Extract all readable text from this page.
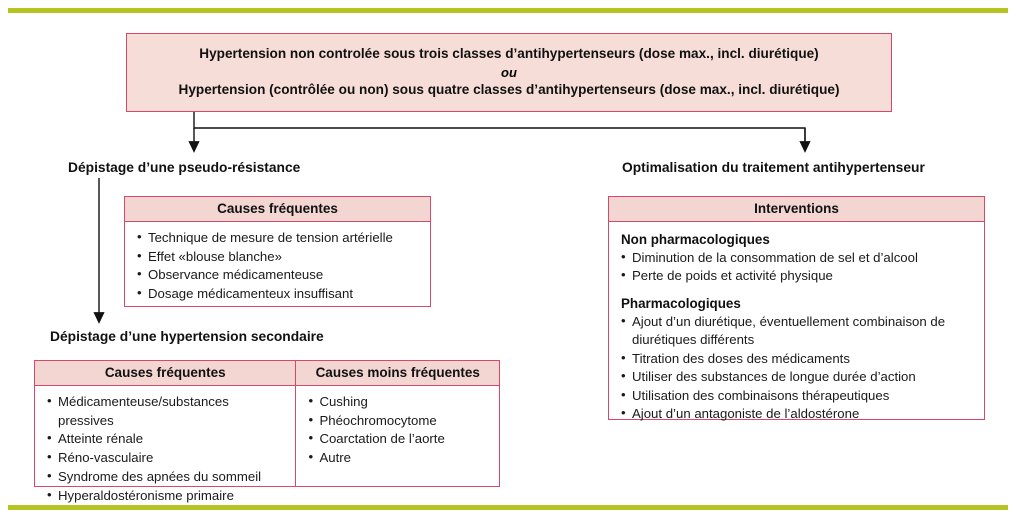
Hypertension non controlée sous trois classes d’antihypertenseurs (dose max., incl. diurétique)
ou
Hypertension (contrôlée ou non) sous quatre classes d’antihypertenseurs (dose max., incl. diurétique)
Dépistage d’une pseudo-résistance	Optimalisation du traitement antihypertenseur
Causes fréquentes
• Technique de mesure de tension artérielle
• Effet «blouse blanche»
• Observance médicamenteuse
• Dosage médicamenteux insuffisant
Dépistage d’une hypertension secondaire
Causes fréquentes
• Médicamenteuse/substances pressives
• Atteinte rénale
• Réno-vasculaire
• Syndrome des apnées du sommeil
• Hyperaldostéronisme primaire
Causes moins fréquentes
• Cushing
• Phéochromocytome
• Coarctation de l’aorte
• Autre
Interventions
Non pharmacologiques
• Diminution de la consommation de sel et d’alcool
• Perte de poids et activité physique
Pharmacologiques
• Ajout d’un diurétique, éventuellement combinaison de diurétiques différents
• Titration des doses des médicaments
• Utiliser des substances de longue durée d’action
• Utilisation des combinaisons thérapeutiques
• Ajout d’un antagoniste de l’aldostérone
